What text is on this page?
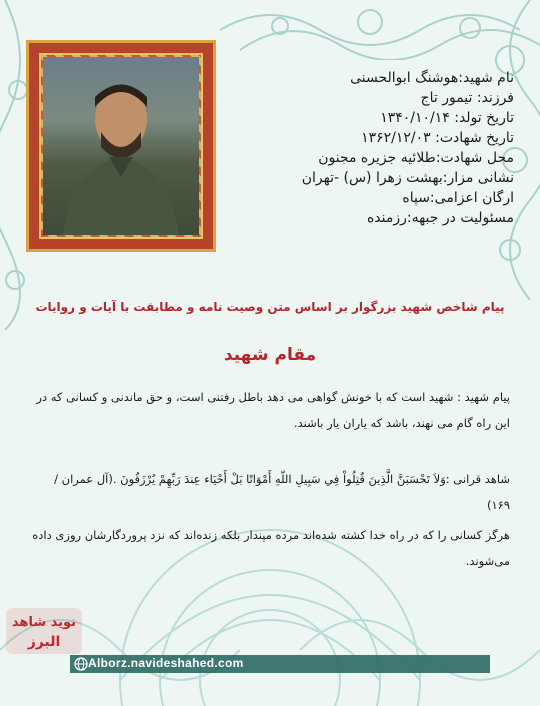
نام شهید:هوشنگ ابوالحسنی
فرزند: تیمور تاج
تاریخ تولد: ۱۳۴۰/۱۰/۱۴
تاریخ شهادت: ۱۳۶۲/۱۲/۰۳
محل شهادت:طلائیه جزیره مجنون
نشانی مزار:بهشت زهرا (س) -تهران
ارگان اعزامی:سپاه
مسئولیت در جبهه:رزمنده
پیام شاخص شهید بزرگوار بر اساس متن وصیت نامه و مطابقت با آیات و روایات
مقام شهید
پیام شهید : شهید است که با خونش گواهی می دهد باطل رفتنی است، و حق ماندنی و کسانی که در این راه گام می نهند، باشد که یاران یار باشند.
شاهد قرانی :وَلاَ تَحْسَبَنَّ الَّذِينَ قُتِلُواْ فِي سَبِيلِ اللّهِ أَمْوَاتًا بَلْ أَحْيَاء عِندَ رَبِّهِمْ يُرْزَقُونَ .(آل عمران / ۱۶۹)
هرگز کسانی را که در راه خدا کشته شده‌اند مرده مپندار بلکه زنده‌اند که نزد پروردگارشان روزی داده می‌شوند.
Alborz.navideshahed.com
نوید شاهد
البرز
